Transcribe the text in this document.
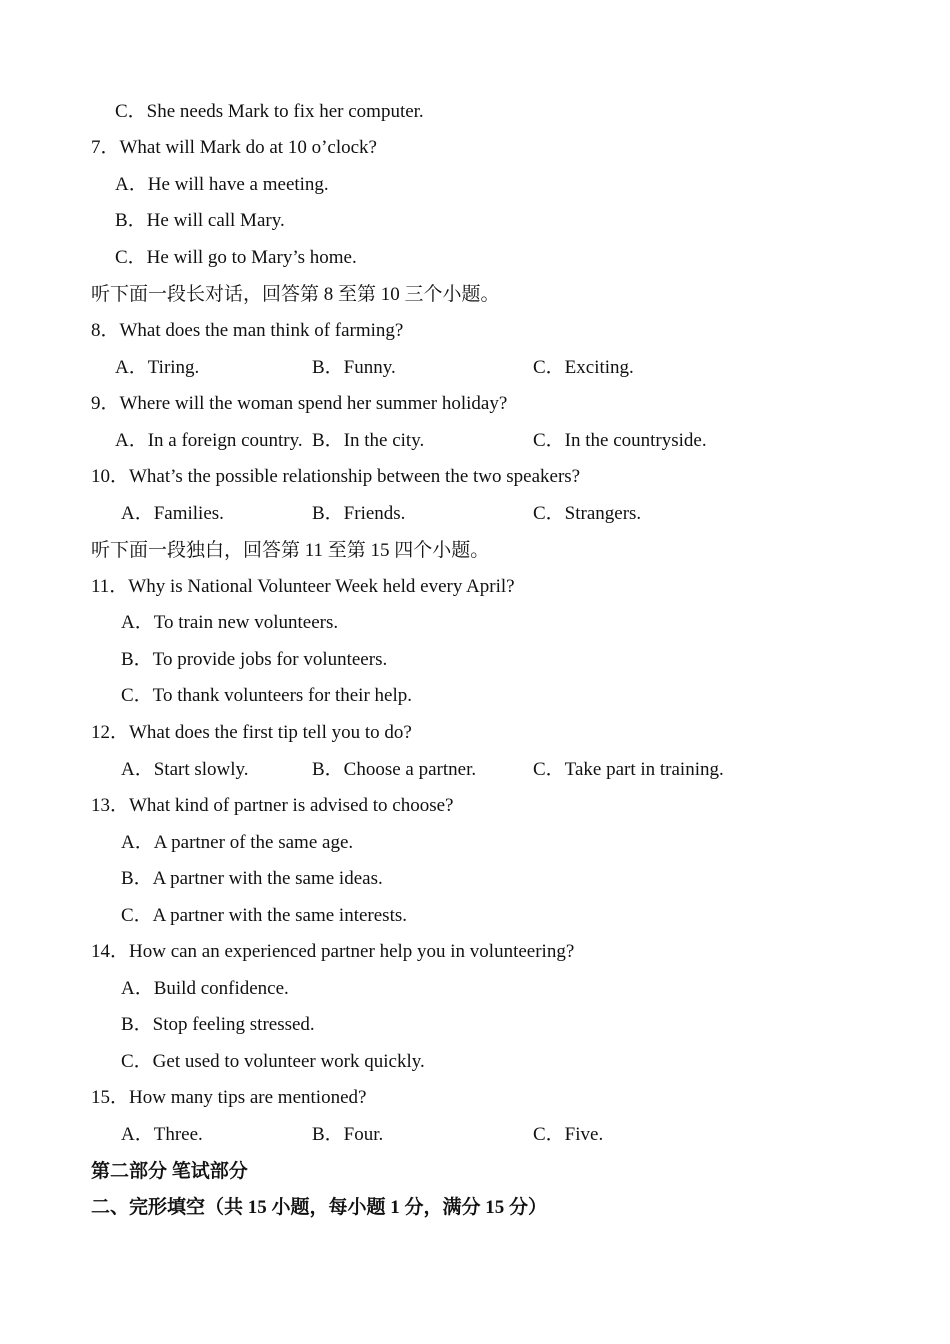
C．She needs Mark to fix her computer.
7．What will Mark do at 10 o’clock?
A．He will have a meeting.
B．He will call Mary.
C．He will go to Mary’s home.
听下面一段长对话，回答第 8 至第 10 三个小题。
8．What does the man think of farming?
A．Tiring.	B．Funny.	C．Exciting.
9．Where will the woman spend her summer holiday?
A．In a foreign country. B．In the city.	C．In the countryside.
10．What’s the possible relationship between the two speakers?
A．Families.	B．Friends.	C．Strangers.
听下面一段独白，回答第 11 至第 15 四个小题。
11．Why is National Volunteer Week held every April?
A．To train new volunteers.
B．To provide jobs for volunteers.
C．To thank volunteers for their help.
12．What does the first tip tell you to do?
A．Start slowly.	B．Choose a partner.	C．Take part in training.
13．What kind of partner is advised to choose?
A．A partner of the same age.
B．A partner with the same ideas.
C．A partner with the same interests.
14．How can an experienced partner help you in volunteering?
A．Build confidence.
B．Stop feeling stressed.
C．Get used to volunteer work quickly.
15．How many tips are mentioned?
A．Three.	B．Four.	C．Five.
第二部分 笔试部分
二、完形填空（共 15 小题，每小题 1 分，满分 15 分）
